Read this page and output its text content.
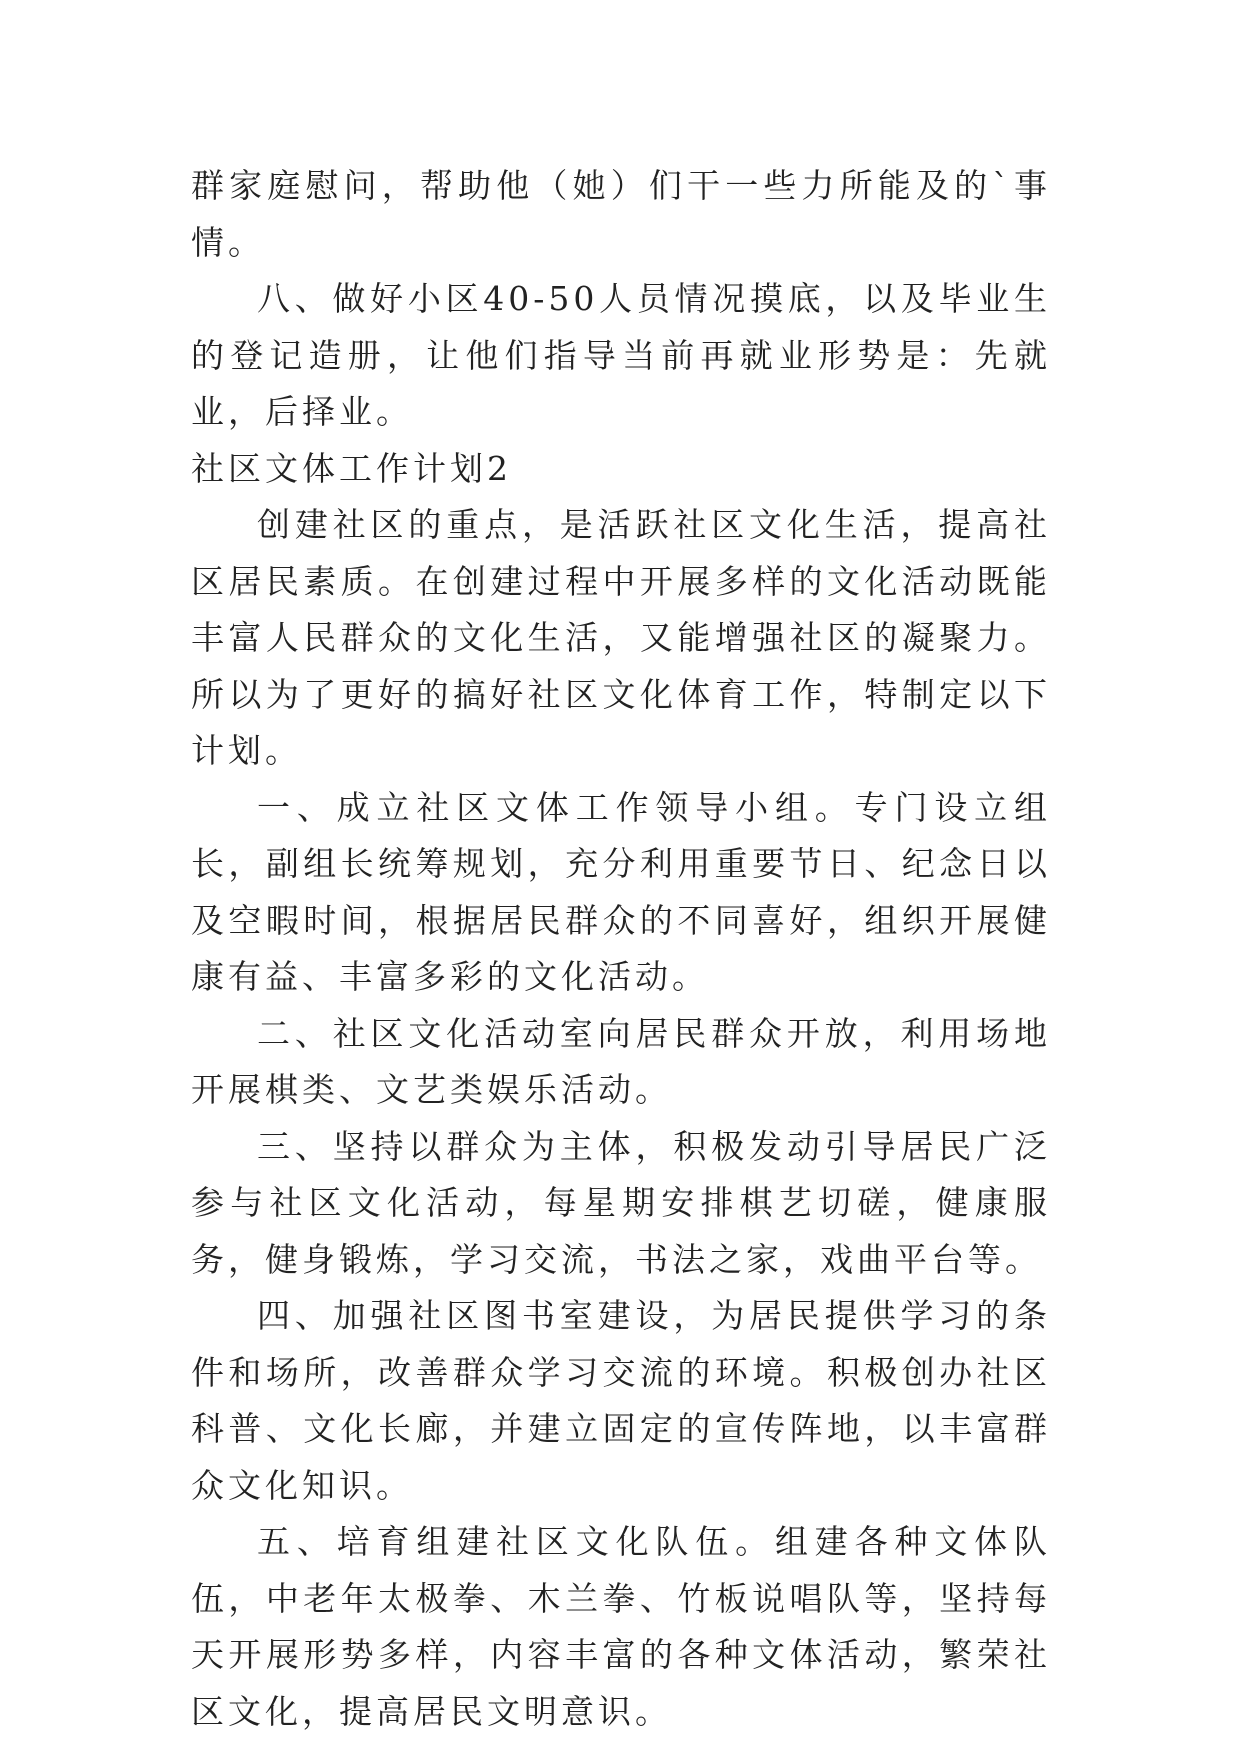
群家庭慰问，帮助他（她）们干一些力所能及的`事情。

八、做好小区40-50人员情况摸底，以及毕业生的登记造册，让他们指导当前再就业形势是：先就业，后择业。

社区文体工作计划2

创建社区的重点，是活跃社区文化生活，提高社区居民素质。在创建过程中开展多样的文化活动既能丰富人民群众的文化生活，又能增强社区的凝聚力。所以为了更好的搞好社区文化体育工作，特制定以下计划。

一、成立社区文体工作领导小组。专门设立组长，副组长统筹规划，充分利用重要节日、纪念日以及空暇时间，根据居民群众的不同喜好，组织开展健康有益、丰富多彩的文化活动。

二、社区文化活动室向居民群众开放，利用场地开展棋类、文艺类娱乐活动。

三、坚持以群众为主体，积极发动引导居民广泛参与社区文化活动，每星期安排棋艺切磋，健康服务，健身锻炼，学习交流，书法之家，戏曲平台等。

四、加强社区图书室建设，为居民提供学习的条件和场所，改善群众学习交流的环境。积极创办社区科普、文化长廊，并建立固定的宣传阵地，以丰富群众文化知识。

五、培育组建社区文化队伍。组建各种文体队伍，中老年太极拳、木兰拳、竹板说唱队等，坚持每天开展形势多样，内容丰富的各种文体活动，繁荣社区文化，提高居民文明意识。
